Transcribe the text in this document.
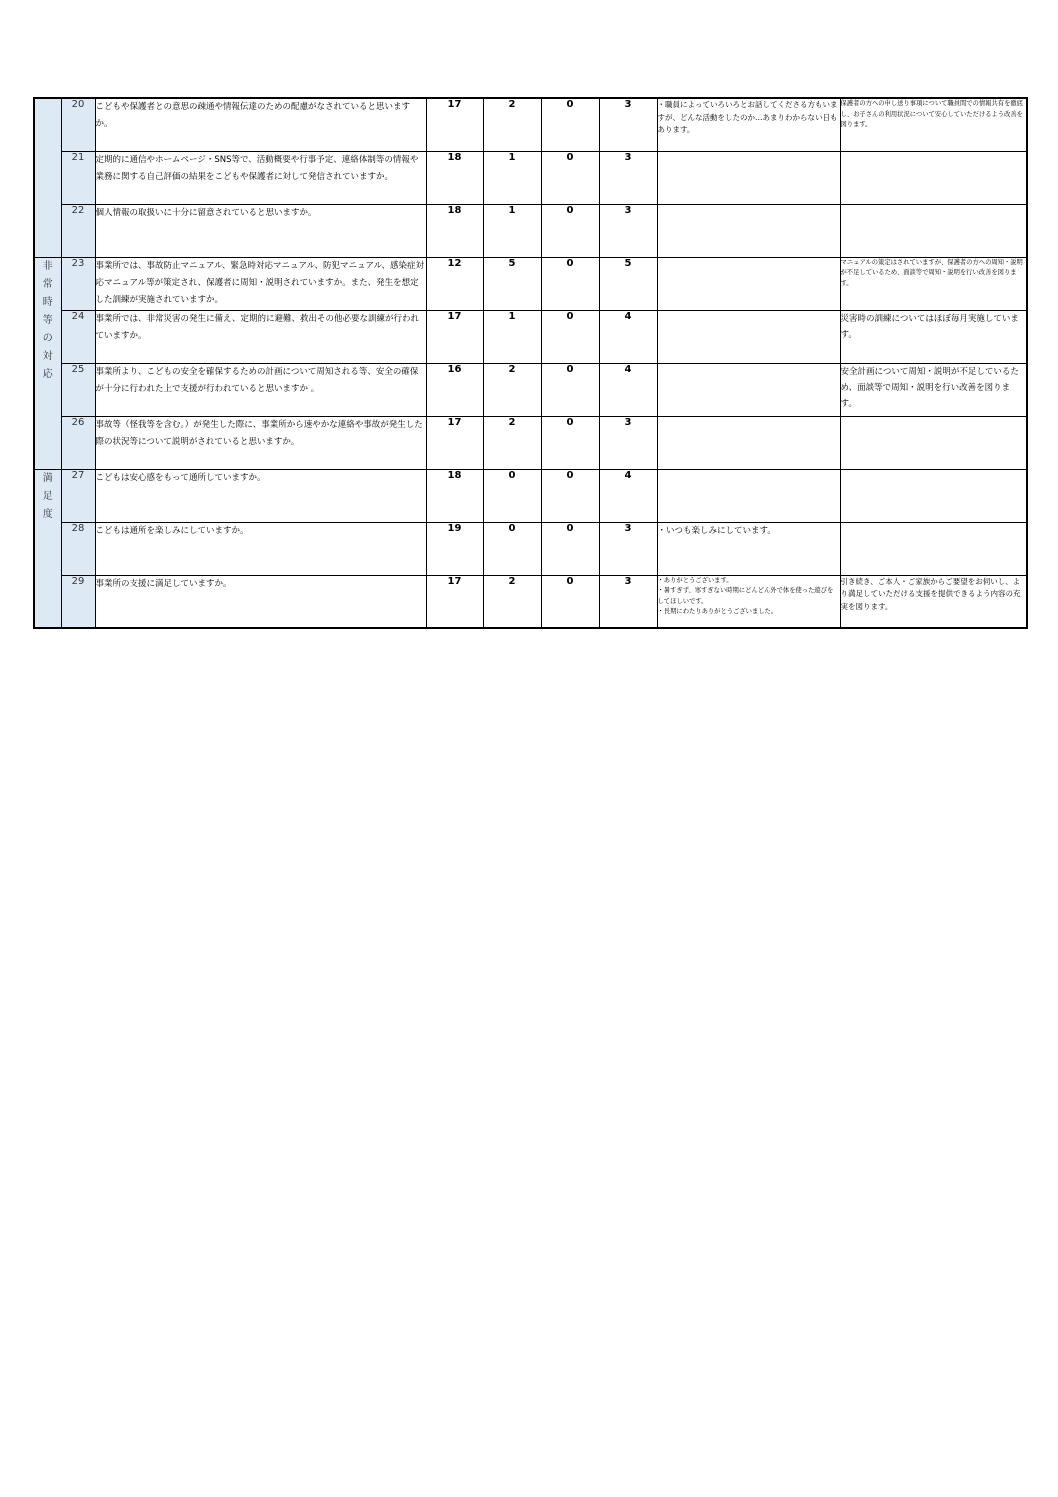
	20	こどもや保護者との意思の疎通や情報伝達のための配慮がなされていると思いますか。	17	2	0	3	・職員によっていろいろとお話してくださる方もいますが、どんな活動をしたのか…あまりわからない日もあります。	保護者の方への申し送り事項について職員間での情報共有を徹底し、お子さんの利用状況について安心していただけるよう改善を図ります。
	21	定期的に通信やホームページ・SNS等で、活動概要や行事予定、連絡体制等の情報や業務に関する自己評価の結果をこどもや保護者に対して発信されていますか。	18	1	0	3		
	22	個人情報の取扱いに十分に留意されていると思いますか。	18	1	0	3		
非常時等の対応	23	事業所では、事故防止マニュアル、緊急時対応マニュアル、防犯マニュアル、感染症対応マニュアル等が策定され、保護者に周知・説明されていますか。また、発生を想定した訓練が実施されていますか。	12	5	0	5		マニュアルの策定はされていますが、保護者の方への周知・説明が不足しているため、面談等で周知・説明を行い改善を図ります。
	24	事業所では、非常災害の発生に備え、定期的に避難、救出その他必要な訓練が行われていますか。	17	1	0	4		災害時の訓練についてはほぼ毎月実施しています。
	25	事業所より、こどもの安全を確保するための計画について周知される等、安全の確保が十分に行われた上で支援が行われていると思いますか 。	16	2	0	4		安全計画について周知・説明が不足しているため、面談等で周知・説明を行い改善を図ります。
	26	事故等（怪我等を含む。）が発生した際に、事業所から速やかな連絡や事故が発生した際の状況等について説明がされていると思いますか。	17	2	0	3		
満足度	27	こどもは安心感をもって通所していますか。	18	0	0	4		
	28	こどもは通所を楽しみにしていますか。	19	0	0	3	・いつも楽しみにしています。	
	29	事業所の支援に満足していますか。	17	2	0	3	・ありがとうございます。
・暑すぎず、寒すぎない時期にどんどん外で体を使った遊びをしてほしいです。
・長期にわたりありがとうございました。	引き続き、ご本人・ご家族からご要望をお伺いし、より満足していただける支援を提供できるよう内容の充実を図ります。
